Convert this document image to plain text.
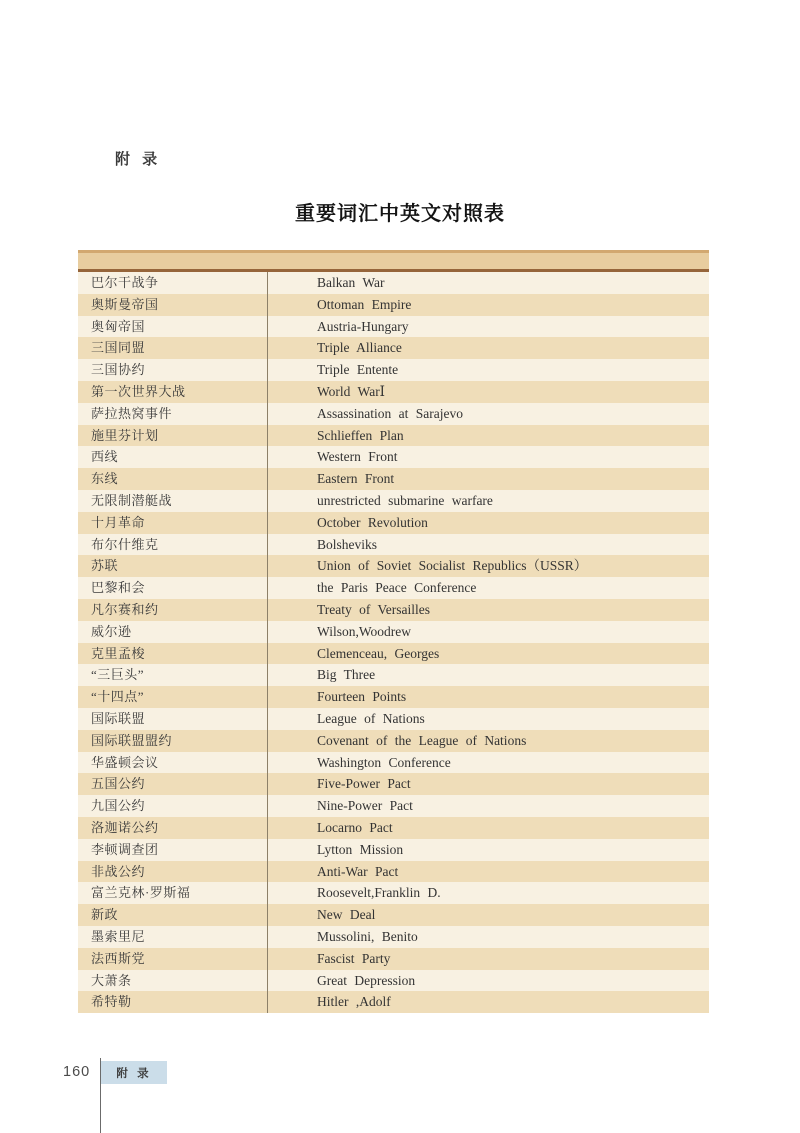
附 录
重要词汇中英文对照表
巴尔干战争	Balkan War
奥斯曼帝国	Ottoman Empire
奥匈帝国	Austria-Hungary
三国同盟	Triple Alliance
三国协约	Triple Entente
第一次世界大战	World WarⅠ
萨拉热窝事件	Assassination at Sarajevo
施里芬计划	Schlieffen Plan
西线	Western Front
东线	Eastern Front
无限制潜艇战	unrestricted submarine warfare
十月革命	October Revolution
布尔什维克	Bolsheviks
苏联	Union of Soviet Socialist Republics（USSR）
巴黎和会	the Paris Peace Conference
凡尔赛和约	Treaty of Versailles
威尔逊	Wilson,Woodrew
克里孟梭	Clemenceau, Georges
“三巨头”	Big Three
“十四点”	Fourteen Points
国际联盟	League of Nations
国际联盟盟约	Covenant of the League of Nations
华盛顿会议	Washington Conference
五国公约	Five-Power Pact
九国公约	Nine-Power Pact
洛迦诺公约	Locarno Pact
李顿调查团	Lytton Mission
非战公约	Anti-War Pact
富兰克林·罗斯福	Roosevelt,Franklin D.
新政	New Deal
墨索里尼	Mussolini, Benito
法西斯党	Fascist Party
大萧条	Great Depression
希特勒	Hitler ,Adolf
160	附 录
